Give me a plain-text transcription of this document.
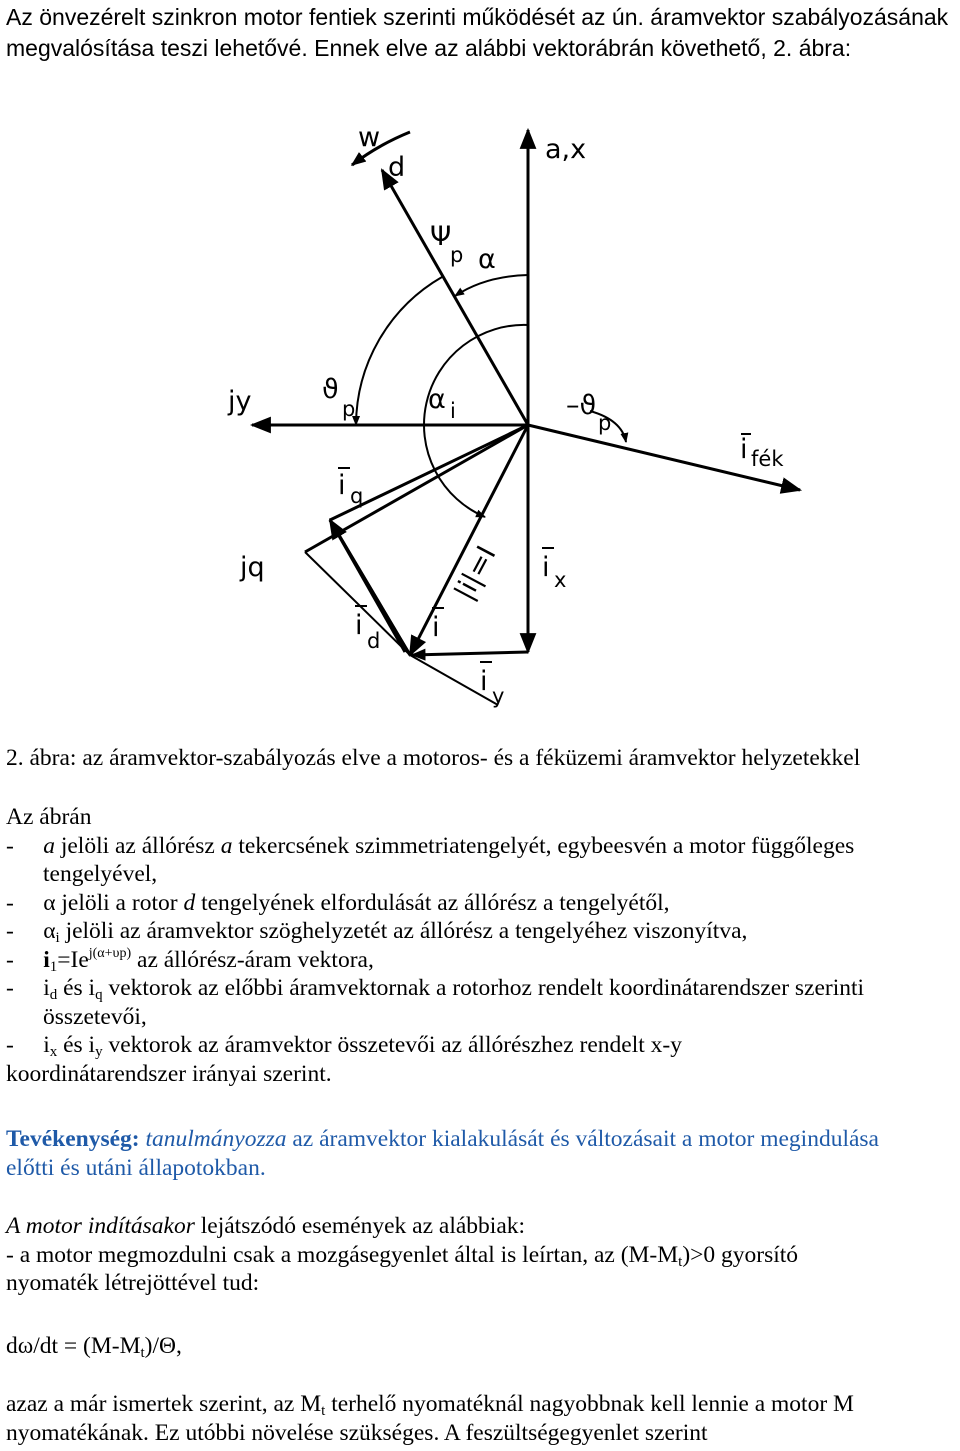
Az önvezérelt szinkron motor fentiek szerinti működését az ún. áramvektor szabályozásának
megvalósítása teszi lehetővé. Ennek elve az alábbi vektorábrán követhető, 2. ábra:
w
d
a,x
Ψ
p α
jy	ϑ
p	α i	–ϑ
p
i fék
i q
jq	i x
|i|=I
i d i
i y
2. ábra: az áramvektor-szabályozás elve a motoros- és a féküzemi áramvektor helyzetekkel
Az ábrán
-     a jelöli az állórész a tekercsének szimmetriatengelyét, egybeesvén a motor függőleges
tengelyével,
-     α jelöli a rotor d tengelyének elfordulását az állórész a tengelyétől,
-     $\alpha_i$ jelöli az áramvektor szöghelyzetét az állórész a tengelyéhez viszonyítva,
-     $i_1=Ie^{j(\alpha+\upsilon p)}$ az állórész-áram vektora,
-     $i_d$ és $i_q$ vektorok az előbbi áramvektornak a rotorhoz rendelt koordinátarendszer szerinti
összetevői,
-     $i_x$ és $i_y$ vektorok az áramvektor összetevői az állórészhez rendelt x-y
koordinátarendszer irányai szerint.
Tevékenység: tanulmányozza az áramvektor kialakulását és változásait a motor megindulása
előtti és utáni állapotokban.
A motor indításakor lejátszódó események az alábbiak:
- a motor megmozdulni csak a mozgásegyenlet által is leírtan, az $(M-M_t)>0$ gyorsító
nyomaték létrejöttével tud:
$d\omega/dt = (M-M_t)/\Theta$,
azaz a már ismertek szerint, az $M_t$ terhelő nyomatéknál nagyobbnak kell lennie a motor M
nyomatékának. Ez utóbbi növelése szükséges. A feszültségegyenlet szerint
